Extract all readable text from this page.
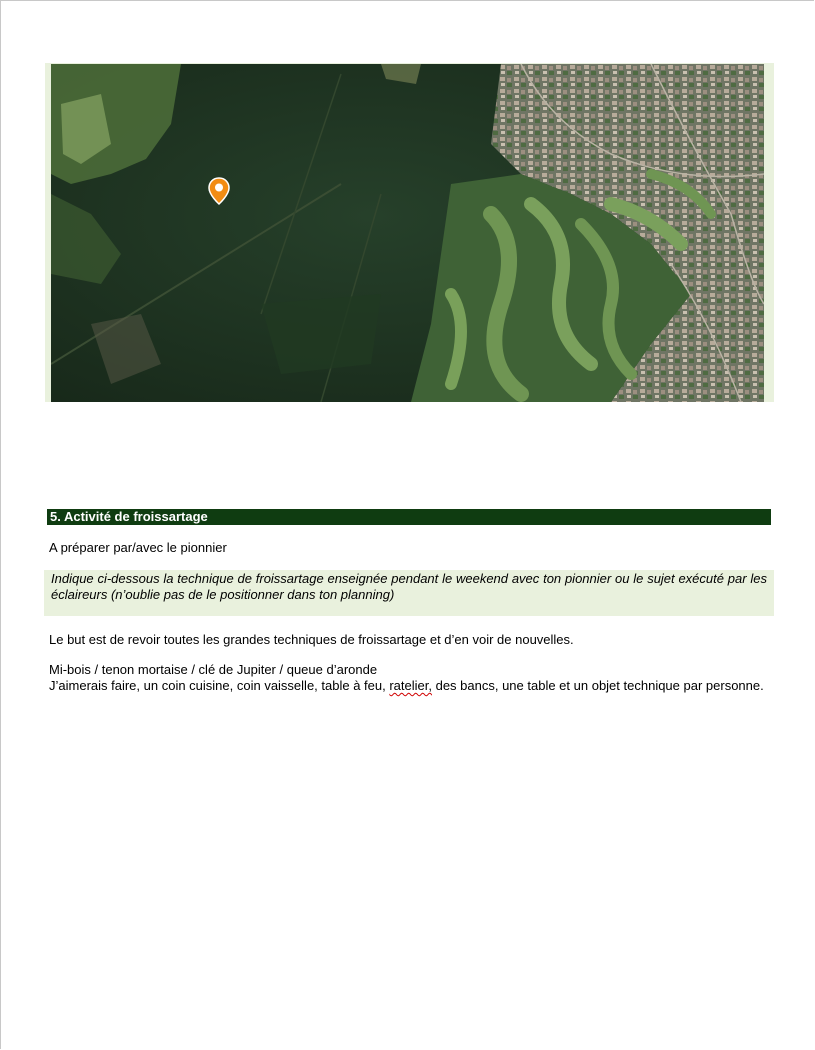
5. Activité de froissartage
A préparer par/avec le pionnier
Indique ci-dessous la technique de froissartage enseignée pendant le weekend avec ton pionnier ou le sujet exécuté par les éclaireurs (n’oublie pas de le positionner dans ton planning)
Le but est de revoir toutes les grandes techniques de froissartage et d’en voir de nouvelles.
Mi-bois / tenon mortaise / clé de Jupiter / queue d’aronde
J’aimerais faire, un coin cuisine, coin vaisselle, table à feu, ratelier, des bancs, une table et un objet technique par personne.
